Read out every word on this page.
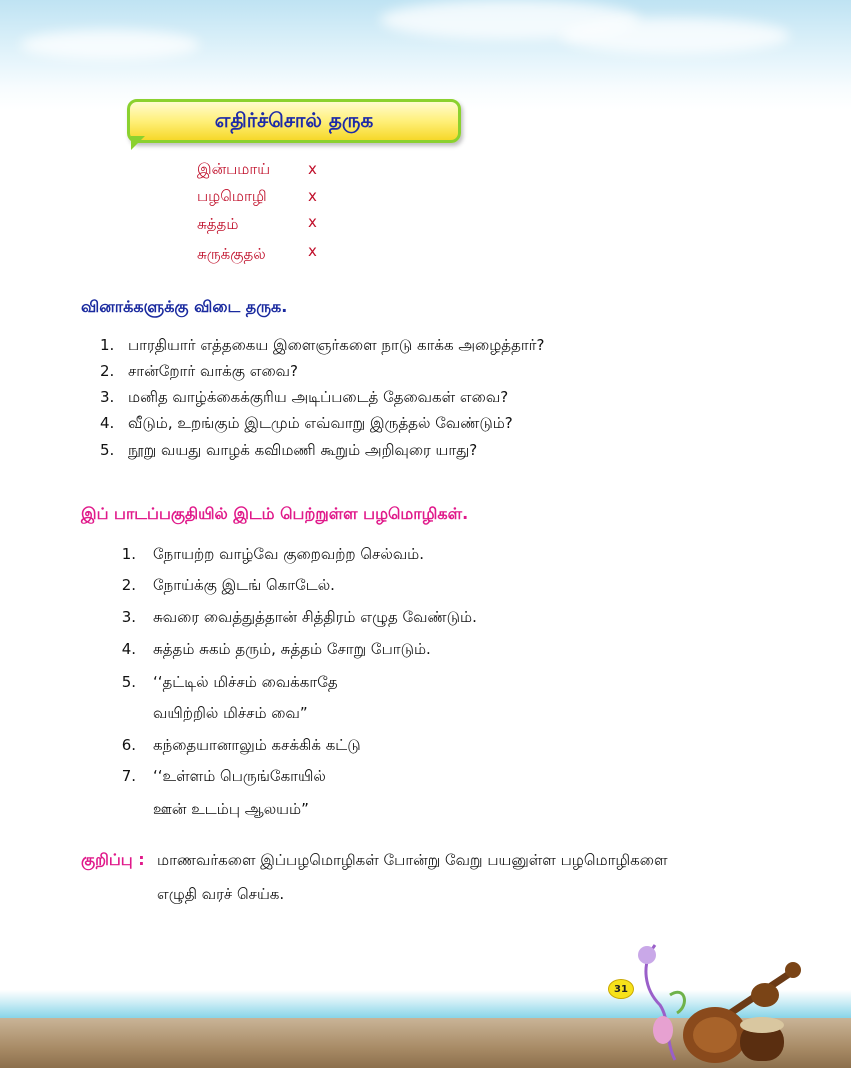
எதிர்ச்சொல் தருக
இன்பமாய்	x
பழமொழி	x
சுத்தம்	x
சுருக்குதல்	x
வினாக்களுக்கு விடை தருக.
1. பாரதியார் எத்தகைய இளைஞர்களை நாடு காக்க அழைத்தார்?
2. சான்றோர் வாக்கு எவை?
3. மனித வாழ்க்கைக்குரிய அடிப்படைத் தேவைகள் எவை?
4. வீடும், உறங்கும் இடமும் எவ்வாறு இருத்தல் வேண்டும்?
5. நூறு வயது வாழக் கவிமணி கூறும் அறிவுரை யாது?
இப் பாடப்பகுதியில் இடம் பெற்றுள்ள பழமொழிகள்.
1. நோயற்ற வாழ்வே குறைவற்ற செல்வம்.
2. நோய்க்கு இடங் கொடேல்.
3. சுவரை வைத்துத்தான் சித்திரம் எழுத வேண்டும்.
4. சுத்தம் சுகம் தரும், சுத்தம் சோறு போடும்.
5. ‘‘தட்டில் மிச்சம் வைக்காதே
வயிற்றில் மிச்சம் வை”
6. கந்தையானாலும் கசக்கிக் கட்டு
7. ‘‘உள்ளம் பெருங்கோயில்
ஊன் உடம்பு ஆலயம்”
குறிப்பு : மாணவர்களை இப்பழமொழிகள் போன்று வேறு பயனுள்ள பழமொழிகளை
எழுதி வரச் செய்க.
31
